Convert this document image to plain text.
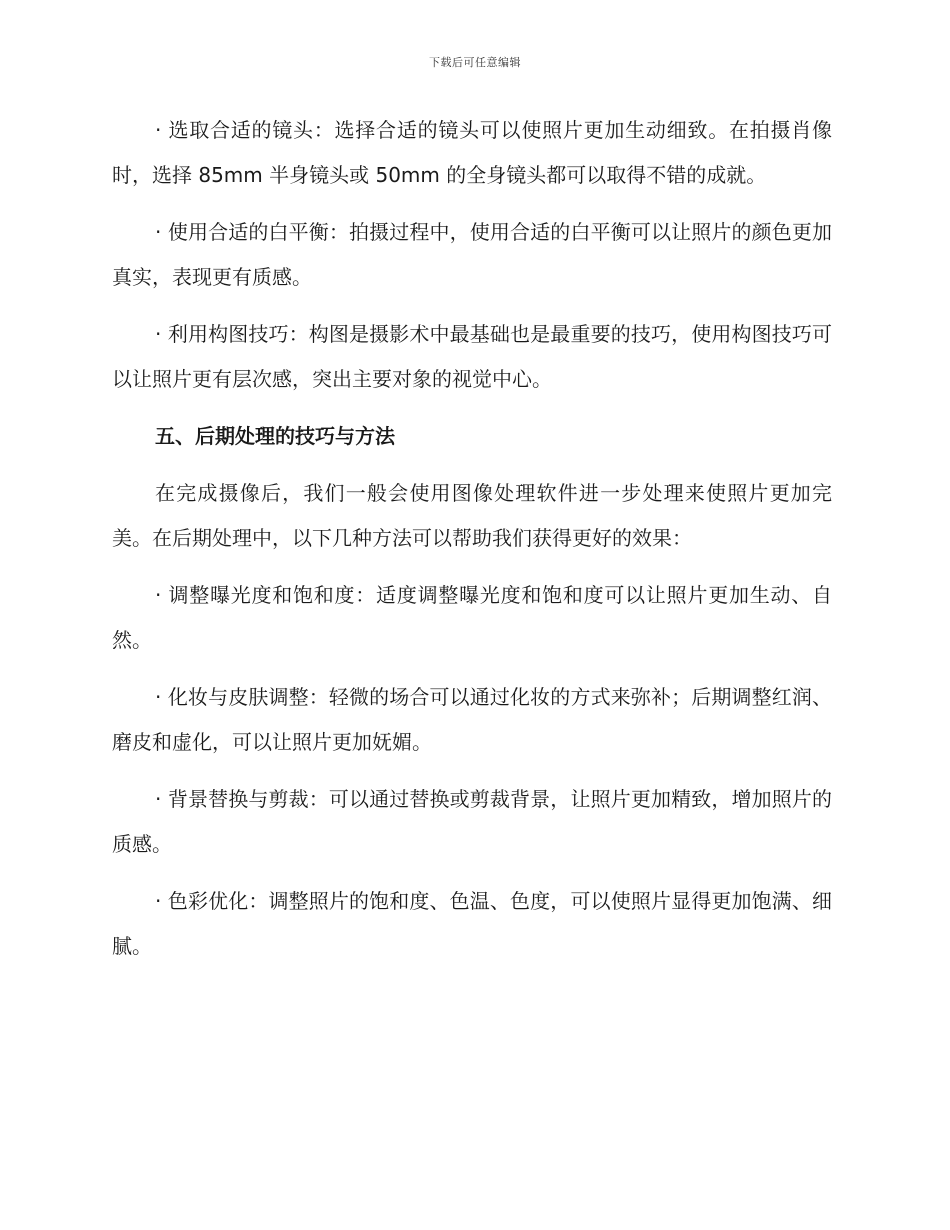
下载后可任意编辑

· 选取合适的镜头：选择合适的镜头可以使照片更加生动细致。在拍摄肖像时，选择 85mm 半身镜头或 50mm 的全身镜头都可以取得不错的成就。

· 使用合适的白平衡：拍摄过程中，使用合适的白平衡可以让照片的颜色更加真实，表现更有质感。

· 利用构图技巧：构图是摄影术中最基础也是最重要的技巧，使用构图技巧可以让照片更有层次感，突出主要对象的视觉中心。

五、后期处理的技巧与方法

在完成摄像后，我们一般会使用图像处理软件进一步处理来使照片更加完美。在后期处理中，以下几种方法可以帮助我们获得更好的效果：

· 调整曝光度和饱和度：适度调整曝光度和饱和度可以让照片更加生动、自然。

· 化妆与皮肤调整：轻微的场合可以通过化妆的方式来弥补；后期调整红润、磨皮和虚化，可以让照片更加妩媚。

· 背景替换与剪裁：可以通过替换或剪裁背景，让照片更加精致，增加照片的质感。

· 色彩优化：调整照片的饱和度、色温、色度，可以使照片显得更加饱满、细腻。
